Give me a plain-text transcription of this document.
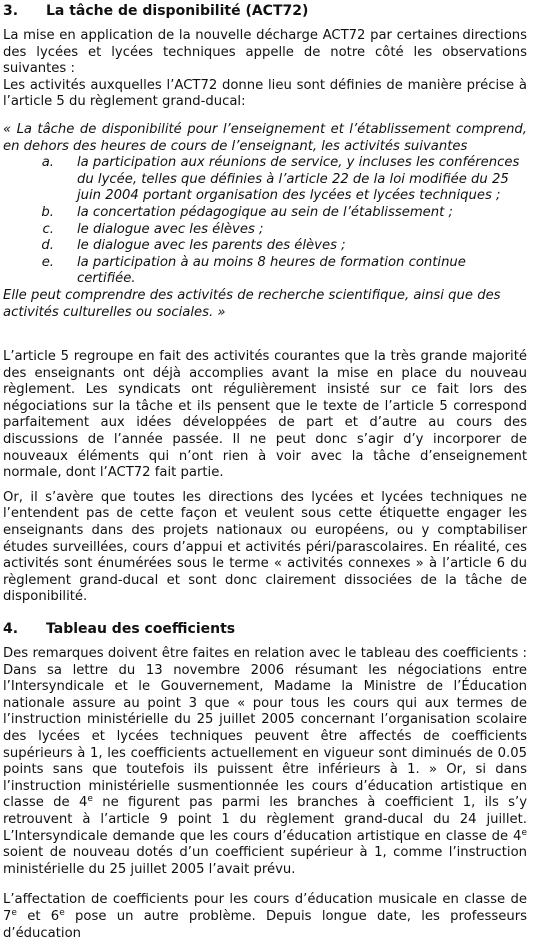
3.	La tâche de disponibilité (ACT72)

La mise en application de la nouvelle décharge ACT72 par certaines directions des lycées et lycées techniques appelle de notre côté les observations suivantes :

Les activités auxquelles l’ACT72 donne lieu sont définies de manière précise à l’article 5 du règlement grand-ducal:

« La tâche de disponibilité pour l’enseignement et l’établissement comprend, en dehors des heures de cours de l’enseignant, les activités suivantes

a.	la participation aux réunions de service, y incluses les conférences du lycée, telles que définies à l’article 22 de la loi modifiée du 25 juin 2004 portant organisation des lycées et lycées techniques ;
b.	la concertation pédagogique au sein de l’établissement ;
c.	le dialogue avec les élèves ;
d.	le dialogue avec les parents des élèves ;
e.	la participation à au moins 8 heures de formation continue certifiée.

Elle peut comprendre des activités de recherche scientifique, ainsi que des activités culturelles ou sociales. »

L’article 5 regroupe en fait des activités courantes que la très grande majorité des enseignants ont déjà accomplies avant la mise en place du nouveau règlement. Les syndicats ont régulièrement insisté sur ce fait lors des négociations sur la tâche et ils pensent que le texte de l’article 5 correspond parfaitement aux idées développées de part et d’autre au cours des discussions de l’année passée. Il ne peut donc s’agir d’y incorporer de nouveaux éléments qui n’ont rien à voir avec la tâche d’enseignement normale, dont l’ACT72 fait partie.

Or, il s’avère que toutes les directions des lycées et lycées techniques ne l’entendent pas de cette façon et veulent sous cette étiquette engager les enseignants dans des projets nationaux ou européens, ou y comptabiliser études surveillées, cours d’appui et activités péri/parascolaires. En réalité, ces activités sont énumérées sous le terme « activités connexes » à l’article 6 du règlement grand-ducal et sont donc clairement dissociées de la tâche de disponibilité.

4.	Tableau des coefficients

Des remarques doivent être faites en relation avec le tableau des coefficients : Dans sa lettre du 13 novembre 2006 résumant les négociations entre l’Intersyndicale et le Gouvernement, Madame la Ministre de l’Éducation nationale assure au point 3 que « pour tous les cours qui aux termes de l’instruction ministérielle du 25 juillet 2005 concernant l’organisation scolaire des lycées et lycées techniques peuvent être affectés de coefficients supérieurs à 1, les coefficients actuellement en vigueur sont diminués de 0.05 points sans que toutefois ils puissent être inférieurs à 1. » Or, si dans l’instruction ministérielle susmentionnée les cours d’éducation artistique en classe de 4e ne figurent pas parmi les branches à coefficient 1, ils s’y retrouvent à l’article 9 point 1 du règlement grand-ducal du 24 juillet. L’Intersyndicale demande que les cours d’éducation artistique en classe de 4e soient de nouveau dotés d’un coefficient supérieur à 1, comme l’instruction ministérielle du 25 juillet 2005 l’avait prévu.

L’affectation de coefficients pour les cours d’éducation musicale en classe de 7e et 6e pose un autre problème. Depuis longue date, les professeurs d’éducation
